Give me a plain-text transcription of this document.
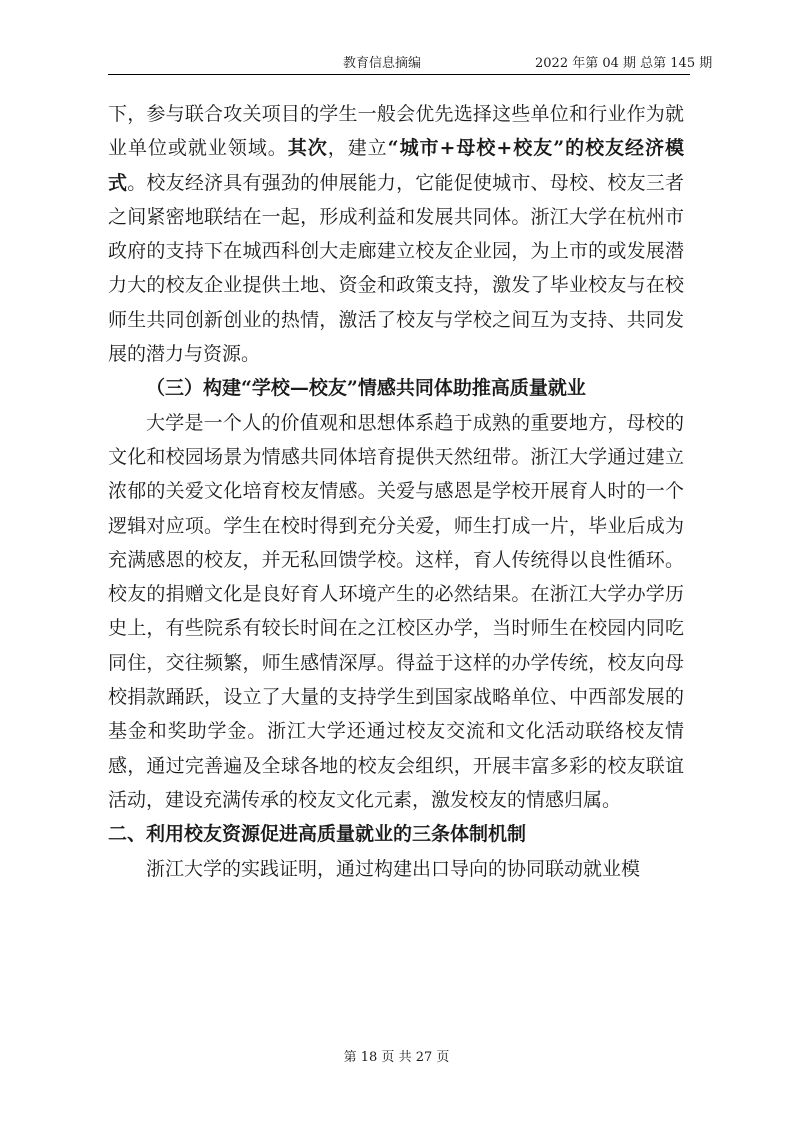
教育信息摘编	2022 年第 04 期 总第 145 期

下，参与联合攻关项目的学生一般会优先选择这些单位和行业作为就业单位或就业领域。其次，建立“城市+母校+校友”的校友经济模式。校友经济具有强劲的伸展能力，它能促使城市、母校、校友三者之间紧密地联结在一起，形成利益和发展共同体。浙江大学在杭州市政府的支持下在城西科创大走廊建立校友企业园，为上市的或发展潜力大的校友企业提供土地、资金和政策支持，激发了毕业校友与在校师生共同创新创业的热情，激活了校友与学校之间互为支持、共同发展的潜力与资源。

（三）构建“学校—校友”情感共同体助推高质量就业

大学是一个人的价值观和思想体系趋于成熟的重要地方，母校的文化和校园场景为情感共同体培育提供天然纽带。浙江大学通过建立浓郁的关爱文化培育校友情感。关爱与感恩是学校开展育人时的一个逻辑对应项。学生在校时得到充分关爱，师生打成一片，毕业后成为充满感恩的校友，并无私回馈学校。这样，育人传统得以良性循环。校友的捐赠文化是良好育人环境产生的必然结果。在浙江大学办学历史上，有些院系有较长时间在之江校区办学，当时师生在校园内同吃同住，交往频繁，师生感情深厚。得益于这样的办学传统，校友向母校捐款踊跃，设立了大量的支持学生到国家战略单位、中西部发展的基金和奖助学金。浙江大学还通过校友交流和文化活动联络校友情感，通过完善遍及全球各地的校友会组织，开展丰富多彩的校友联谊活动，建设充满传承的校友文化元素，激发校友的情感归属。

二、利用校友资源促进高质量就业的三条体制机制

浙江大学的实践证明，通过构建出口导向的协同联动就业模

第 18 页 共 27 页
